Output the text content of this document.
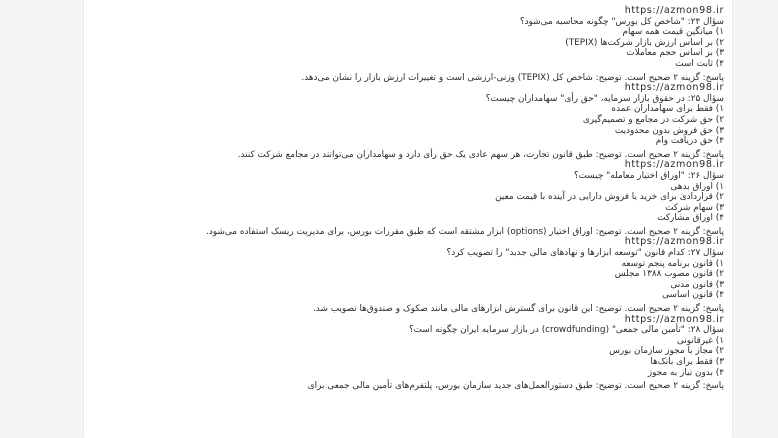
https://azmon98.ir
سؤال ۲۴: "شاخص کل بورس" چگونه محاسبه می‌شود؟
۱) میانگین قیمت همه سهام
۲) بر اساس ارزش بازار شرکت‌ها (TEPIX)
۳) بر اساس حجم معاملات
۴) ثابت است
پاسخ: گزینه ۲ صحیح است. توضیح: شاخص کل (TEPIX) وزنی-ارزشی است و تغییرات ارزش بازار را نشان می‌دهد.
https://azmon98.ir
سؤال ۲۵: در حقوق بازار سرمایه، "حق رأی" سهامداران چیست؟
۱) فقط برای سهامداران عمده
۲) حق شرکت در مجامع و تصمیم‌گیری
۳) حق فروش بدون محدودیت
۴) حق دریافت وام
پاسخ: گزینه ۲ صحیح است. توضیح: طبق قانون تجارت، هر سهم عادی یک حق رأی دارد و سهامداران می‌توانند در مجامع شرکت کنند.
https://azmon98.ir
سؤال ۲۶: "اوراق اختیار معامله" چیست؟
۱) اوراق بدهی
۲) قراردادی برای خرید یا فروش دارایی در آینده با قیمت معین
۳) سهام شرکت
۴) اوراق مشارکت
پاسخ: گزینه ۲ صحیح است. توضیح: اوراق اختیار (options) ابزار مشتقه است که طبق مقررات بورس، برای مدیریت ریسک استفاده می‌شود.
https://azmon98.ir
سؤال ۲۷: کدام قانون "توسعه ابزارها و نهادهای مالی جدید" را تصویب کرد؟
۱) قانون برنامه پنجم توسعه
۲) قانون مصوب ۱۳۸۸ مجلس
۳) قانون مدنی
۴) قانون اساسی
پاسخ: گزینه ۲ صحیح است. توضیح: این قانون برای گسترش ابزارهای مالی مانند صکوک و صندوق‌ها تصویب شد.
https://azmon98.ir
سؤال ۲۸: "تأمین مالی جمعی" (crowdfunding) در بازار سرمایه ایران چگونه است؟
۱) غیرقانونی
۲) مجاز با مجوز سازمان بورس
۳) فقط برای بانک‌ها
۴) بدون نیاز به مجوز
پاسخ: گزینه ۲ صحیح است. توضیح: طبق دستورالعمل‌های جدید سازمان بورس، پلتفرم‌های تأمین مالی جمعی برای
